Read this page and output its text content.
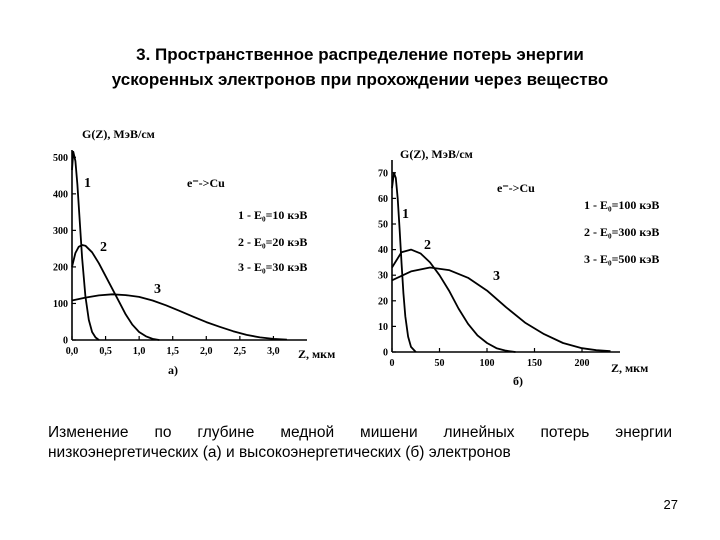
3. Пространственное распределение потерь энергии
ускоренных электронов при прохождении через вещество
0
100
200
300
400
500
0,0 0,5 1,0 1,5 2,0 2,5 3,0
1
2
3
G(Z), МэВ/см
Z, мкм
e⁻->Cu
1 - E₀=10 кэВ
2 - E₀=20 кэВ
3 - E₀=30 кэВ
а)
0
10
20
30
40
50
60
70
0	50	100	150	200
1
2
3
G(Z), МэВ/см
Z, мкм
e⁻->Cu
1 - E₀=100 кэВ
2 - E₀=300 кэВ
3 - E₀=500 кэВ
б)
Изменение по глубине медной мишени линейных потерь энергии низкоэнергетических (а) и высокоэнергетических (б) электронов
27
